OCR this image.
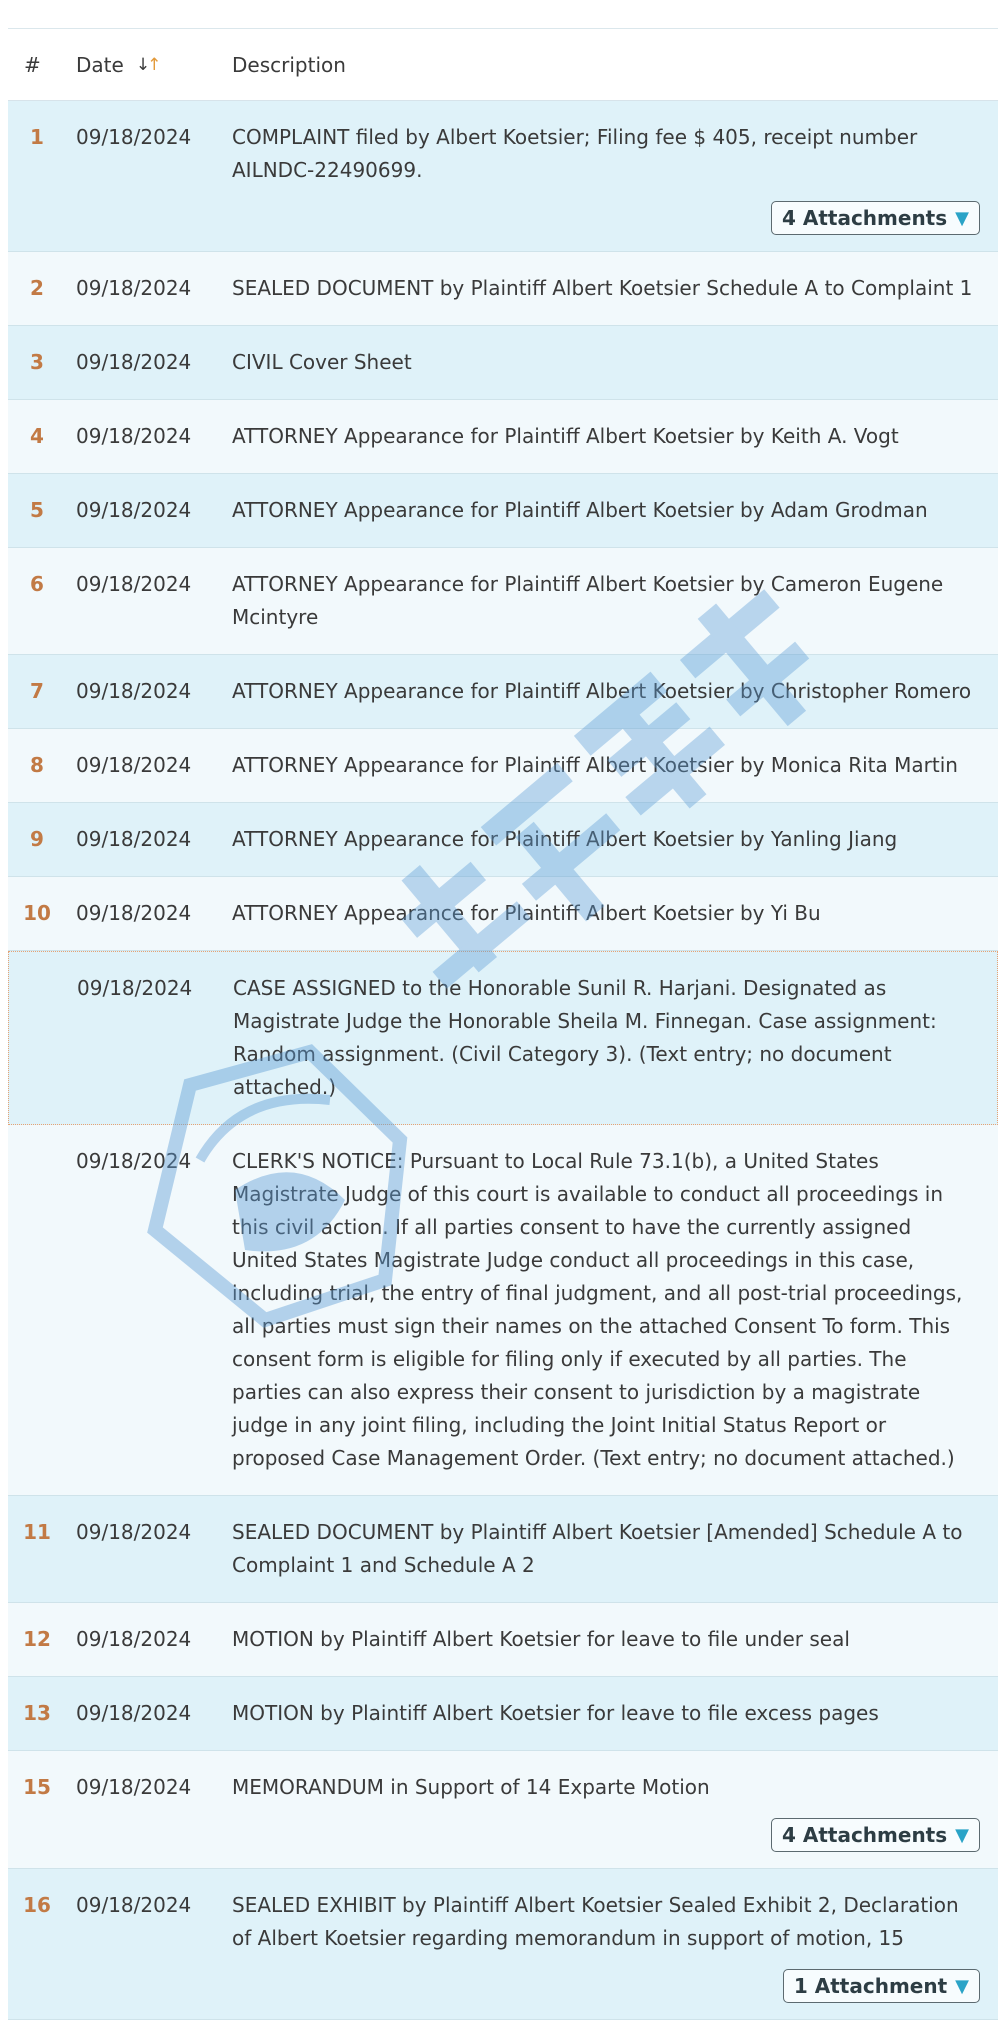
#	Date ↓↑	Description
1	09/18/2024	COMPLAINT filed by Albert Koetsier; Filing fee $ 405, receipt number AILNDC-22490699.
4 Attachments ▼
2	09/18/2024	SEALED DOCUMENT by Plaintiff Albert Koetsier Schedule A to Complaint 1
3	09/18/2024	CIVIL Cover Sheet
4	09/18/2024	ATTORNEY Appearance for Plaintiff Albert Koetsier by Keith A. Vogt
5	09/18/2024	ATTORNEY Appearance for Plaintiff Albert Koetsier by Adam Grodman
6	09/18/2024	ATTORNEY Appearance for Plaintiff Albert Koetsier by Cameron Eugene Mcintyre
7	09/18/2024	ATTORNEY Appearance for Plaintiff Albert Koetsier by Christopher Romero
8	09/18/2024	ATTORNEY Appearance for Plaintiff Albert Koetsier by Monica Rita Martin
9	09/18/2024	ATTORNEY Appearance for Plaintiff Albert Koetsier by Yanling Jiang
10	09/18/2024	ATTORNEY Appearance for Plaintiff Albert Koetsier by Yi Bu
09/18/2024	CASE ASSIGNED to the Honorable Sunil R. Harjani. Designated as Magistrate Judge the Honorable Sheila M. Finnegan. Case assignment: Random assignment. (Civil Category 3). (Text entry; no document attached.)
09/18/2024	CLERK'S NOTICE: Pursuant to Local Rule 73.1(b), a United States Magistrate Judge of this court is available to conduct all proceedings in this civil action. If all parties consent to have the currently assigned United States Magistrate Judge conduct all proceedings in this case, including trial, the entry of final judgment, and all post-trial proceedings, all parties must sign their names on the attached Consent To form. This consent form is eligible for filing only if executed by all parties. The parties can also express their consent to jurisdiction by a magistrate judge in any joint filing, including the Joint Initial Status Report or proposed Case Management Order. (Text entry; no document attached.)
11	09/18/2024	SEALED DOCUMENT by Plaintiff Albert Koetsier [Amended] Schedule A to Complaint 1 and Schedule A 2
12	09/18/2024	MOTION by Plaintiff Albert Koetsier for leave to file under seal
13	09/18/2024	MOTION by Plaintiff Albert Koetsier for leave to file excess pages
15	09/18/2024	MEMORANDUM in Support of 14 Exparte Motion
4 Attachments ▼
16	09/18/2024	SEALED EXHIBIT by Plaintiff Albert Koetsier Sealed Exhibit 2, Declaration of Albert Koetsier regarding memorandum in support of motion, 15
1 Attachment ▼
